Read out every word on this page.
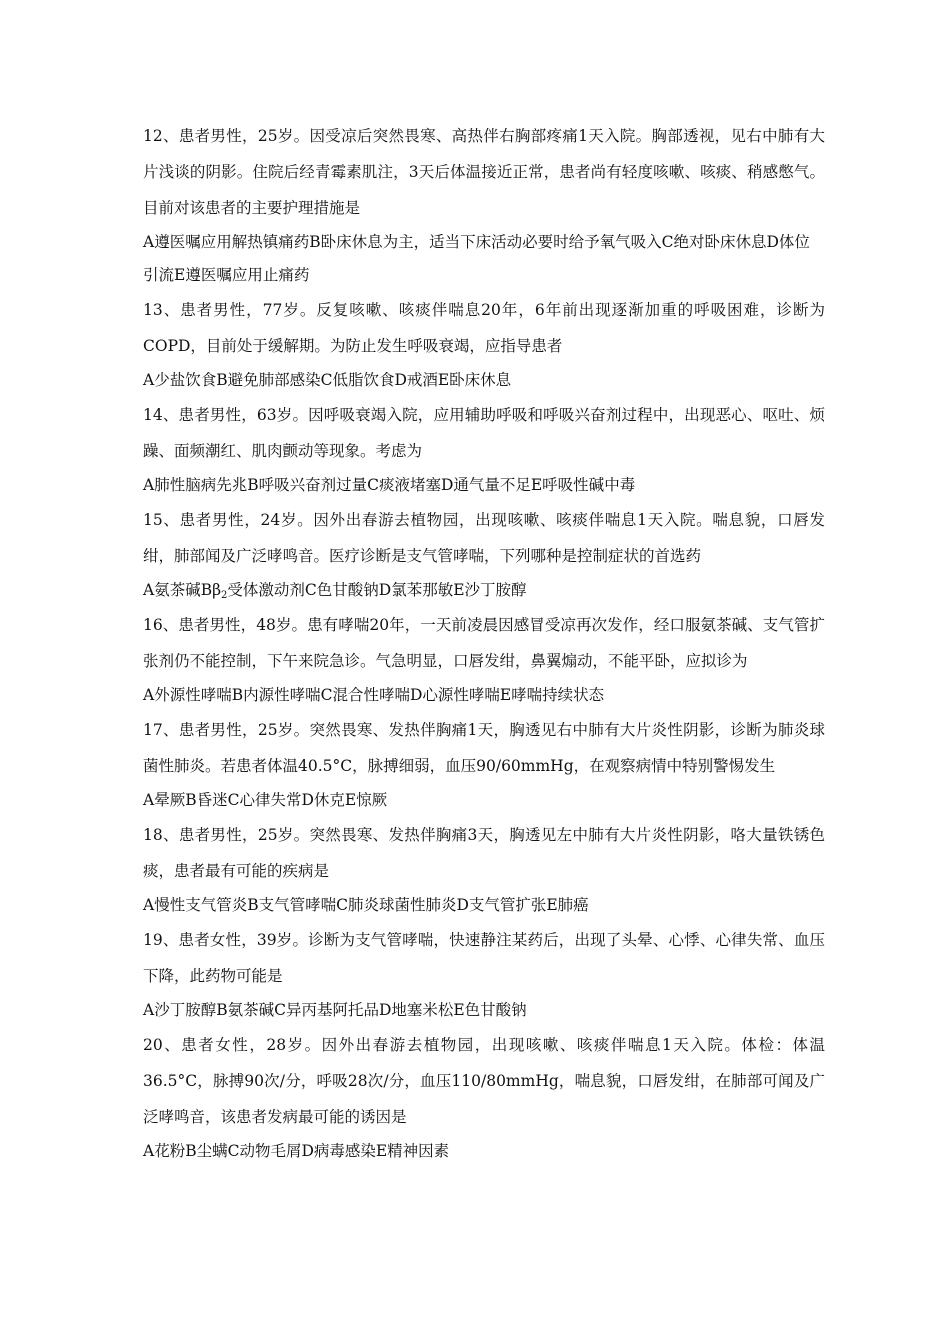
12、患者男性，25岁。因受凉后突然畏寒、高热伴右胸部疼痛1天入院。胸部透视，见右中肺有大片浅谈的阴影。住院后经青霉素肌注，3天后体温接近正常，患者尚有轻度咳嗽、咳痰、稍感憋气。目前对该患者的主要护理措施是

A遵医嘱应用解热镇痛药B卧床休息为主，适当下床活动必要时给予氧气吸入C绝对卧床休息D体位引流E遵医嘱应用止痛药

13、患者男性，77岁。反复咳嗽、咳痰伴喘息20年，6年前出现逐渐加重的呼吸困难，诊断为COPD，目前处于缓解期。为防止发生呼吸衰竭，应指导患者

A少盐饮食B避免肺部感染C低脂饮食D戒酒E卧床休息

14、患者男性，63岁。因呼吸衰竭入院，应用辅助呼吸和呼吸兴奋剂过程中，出现恶心、呕吐、烦躁、面频潮红、肌肉颤动等现象。考虑为

A肺性脑病先兆B呼吸兴奋剂过量C痰液堵塞D通气量不足E呼吸性碱中毒

15、患者男性，24岁。因外出春游去植物园，出现咳嗽、咳痰伴喘息1天入院。喘息貌，口唇发绀，肺部闻及广泛哮鸣音。医疗诊断是支气管哮喘，下列哪种是控制症状的首选药

A氨茶碱$B\beta_2$受体激动剂C色甘酸钠D氯苯那敏E沙丁胺醇

16、患者男性，48岁。患有哮喘20年，一天前凌晨因感冒受凉再次发作，经口服氨茶碱、支气管扩张剂仍不能控制，下午来院急诊。气急明显，口唇发绀，鼻翼煽动，不能平卧，应拟诊为

A外源性哮喘B内源性哮喘C混合性哮喘D心源性哮喘E哮喘持续状态

17、患者男性，25岁。突然畏寒、发热伴胸痛1天，胸透见右中肺有大片炎性阴影，诊断为肺炎球菌性肺炎。若患者体温40.5°C，脉搏细弱，血压90/60mmHg，在观察病情中特别警惕发生

A晕厥B昏迷C心律失常D休克E惊厥

18、患者男性，25岁。突然畏寒、发热伴胸痛3天，胸透见左中肺有大片炎性阴影，咯大量铁锈色痰，患者最有可能的疾病是

A慢性支气管炎B支气管哮喘C肺炎球菌性肺炎D支气管扩张E肺癌

19、患者女性，39岁。诊断为支气管哮喘，快速静注某药后，出现了头晕、心悸、心律失常、血压下降，此药物可能是

A沙丁胺醇B氨茶碱C异丙基阿托品D地塞米松E色甘酸钠

20、患者女性，28岁。因外出春游去植物园，出现咳嗽、咳痰伴喘息1天入院。体检：体温36.5°C，脉搏90次/分，呼吸28次/分，血压110/80mmHg，喘息貌，口唇发绀，在肺部可闻及广泛哮鸣音，该患者发病最可能的诱因是

A花粉B尘螨C动物毛屑D病毒感染E精神因素
